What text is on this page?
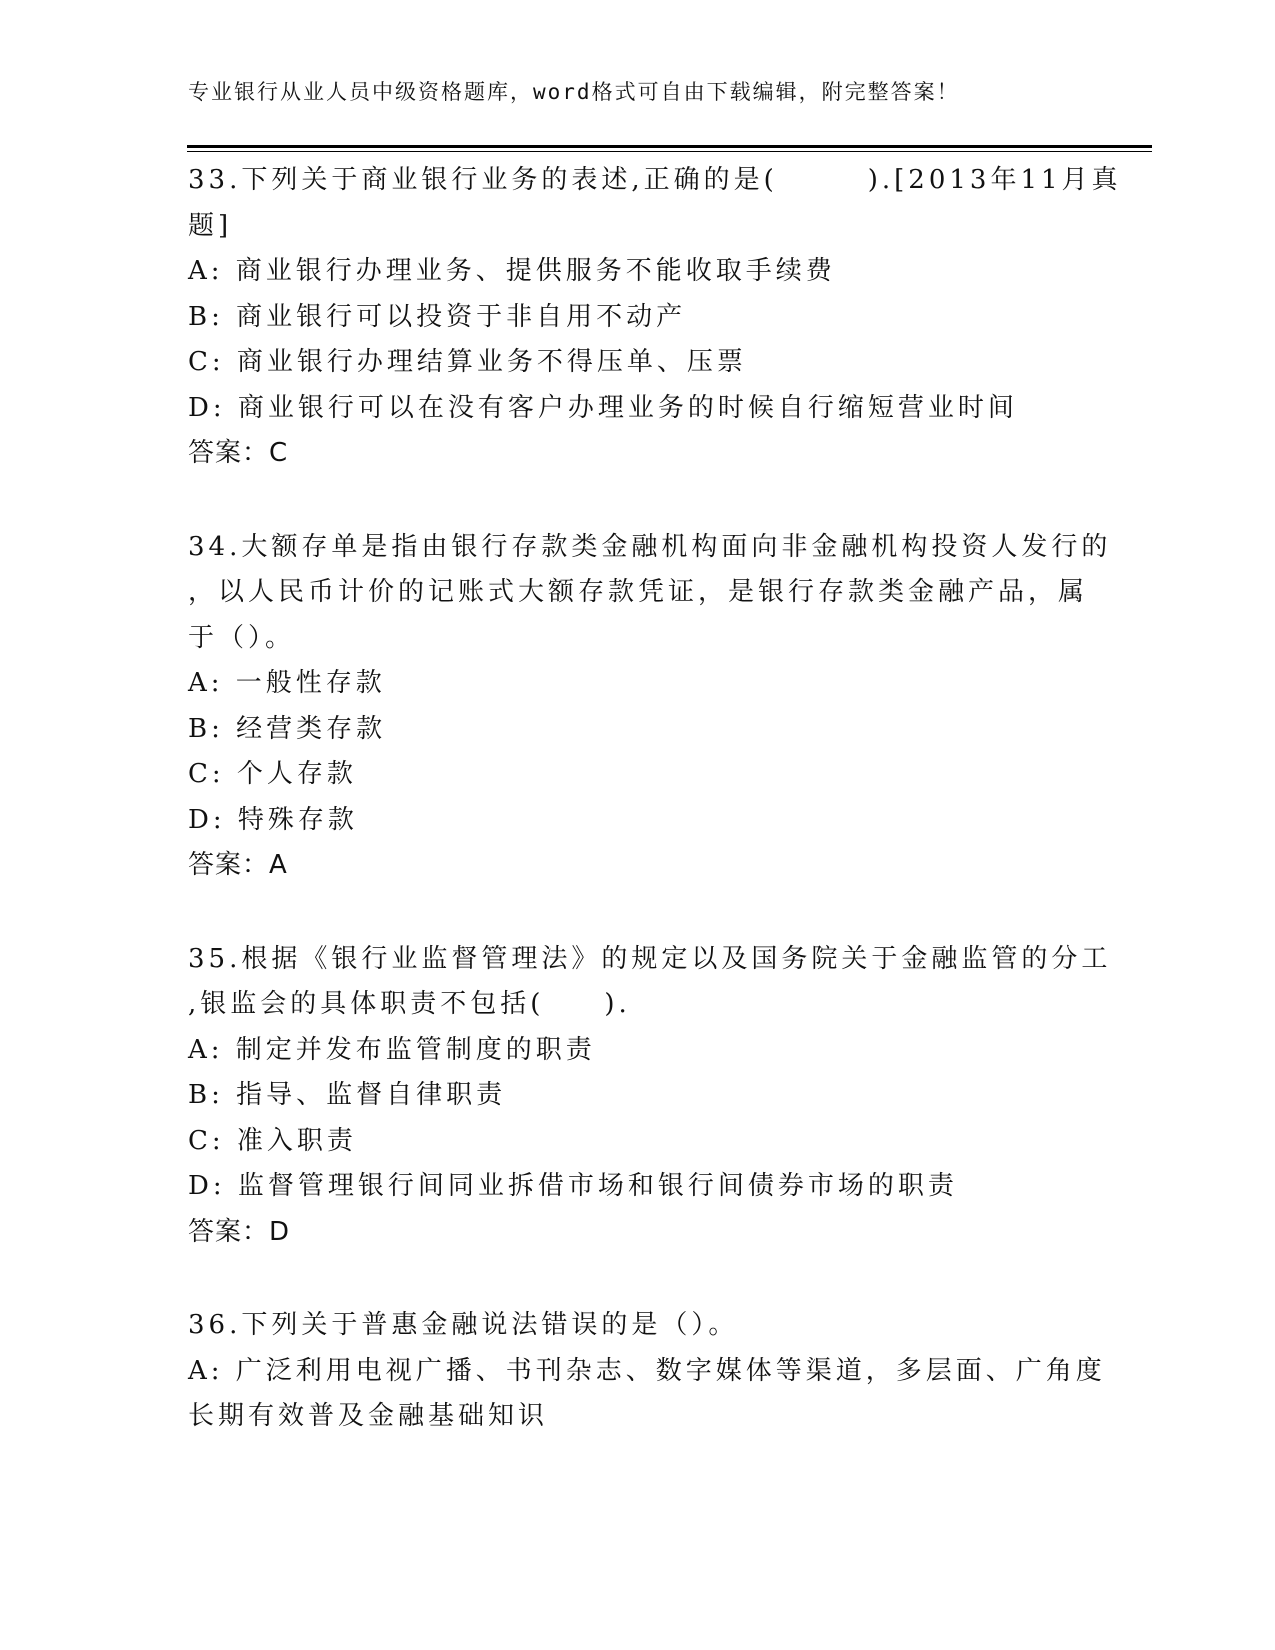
专业银行从业人员中级资格题库，word格式可自由下载编辑，附完整答案！
33.下列关于商业银行业务的表述,正确的是(　　　).[2013年11月真
题]
A: 商业银行办理业务、提供服务不能收取手续费
B: 商业银行可以投资于非自用不动产
C: 商业银行办理结算业务不得压单、压票
D: 商业银行可以在没有客户办理业务的时候自行缩短营业时间
答案：C
34.大额存单是指由银行存款类金融机构面向非金融机构投资人发行的
，以人民币计价的记账式大额存款凭证，是银行存款类金融产品，属
于（）。
A: 一般性存款
B: 经营类存款
C: 个人存款
D: 特殊存款
答案：A
35.根据《银行业监督管理法》的规定以及国务院关于金融监管的分工
,银监会的具体职责不包括(　　).
A: 制定并发布监管制度的职责
B: 指导、监督自律职责
C: 准入职责
D: 监督管理银行间同业拆借市场和银行间债券市场的职责
答案：D
36.下列关于普惠金融说法错误的是（）。
A: 广泛利用电视广播、书刊杂志、数字媒体等渠道，多层面、广角度
长期有效普及金融基础知识
